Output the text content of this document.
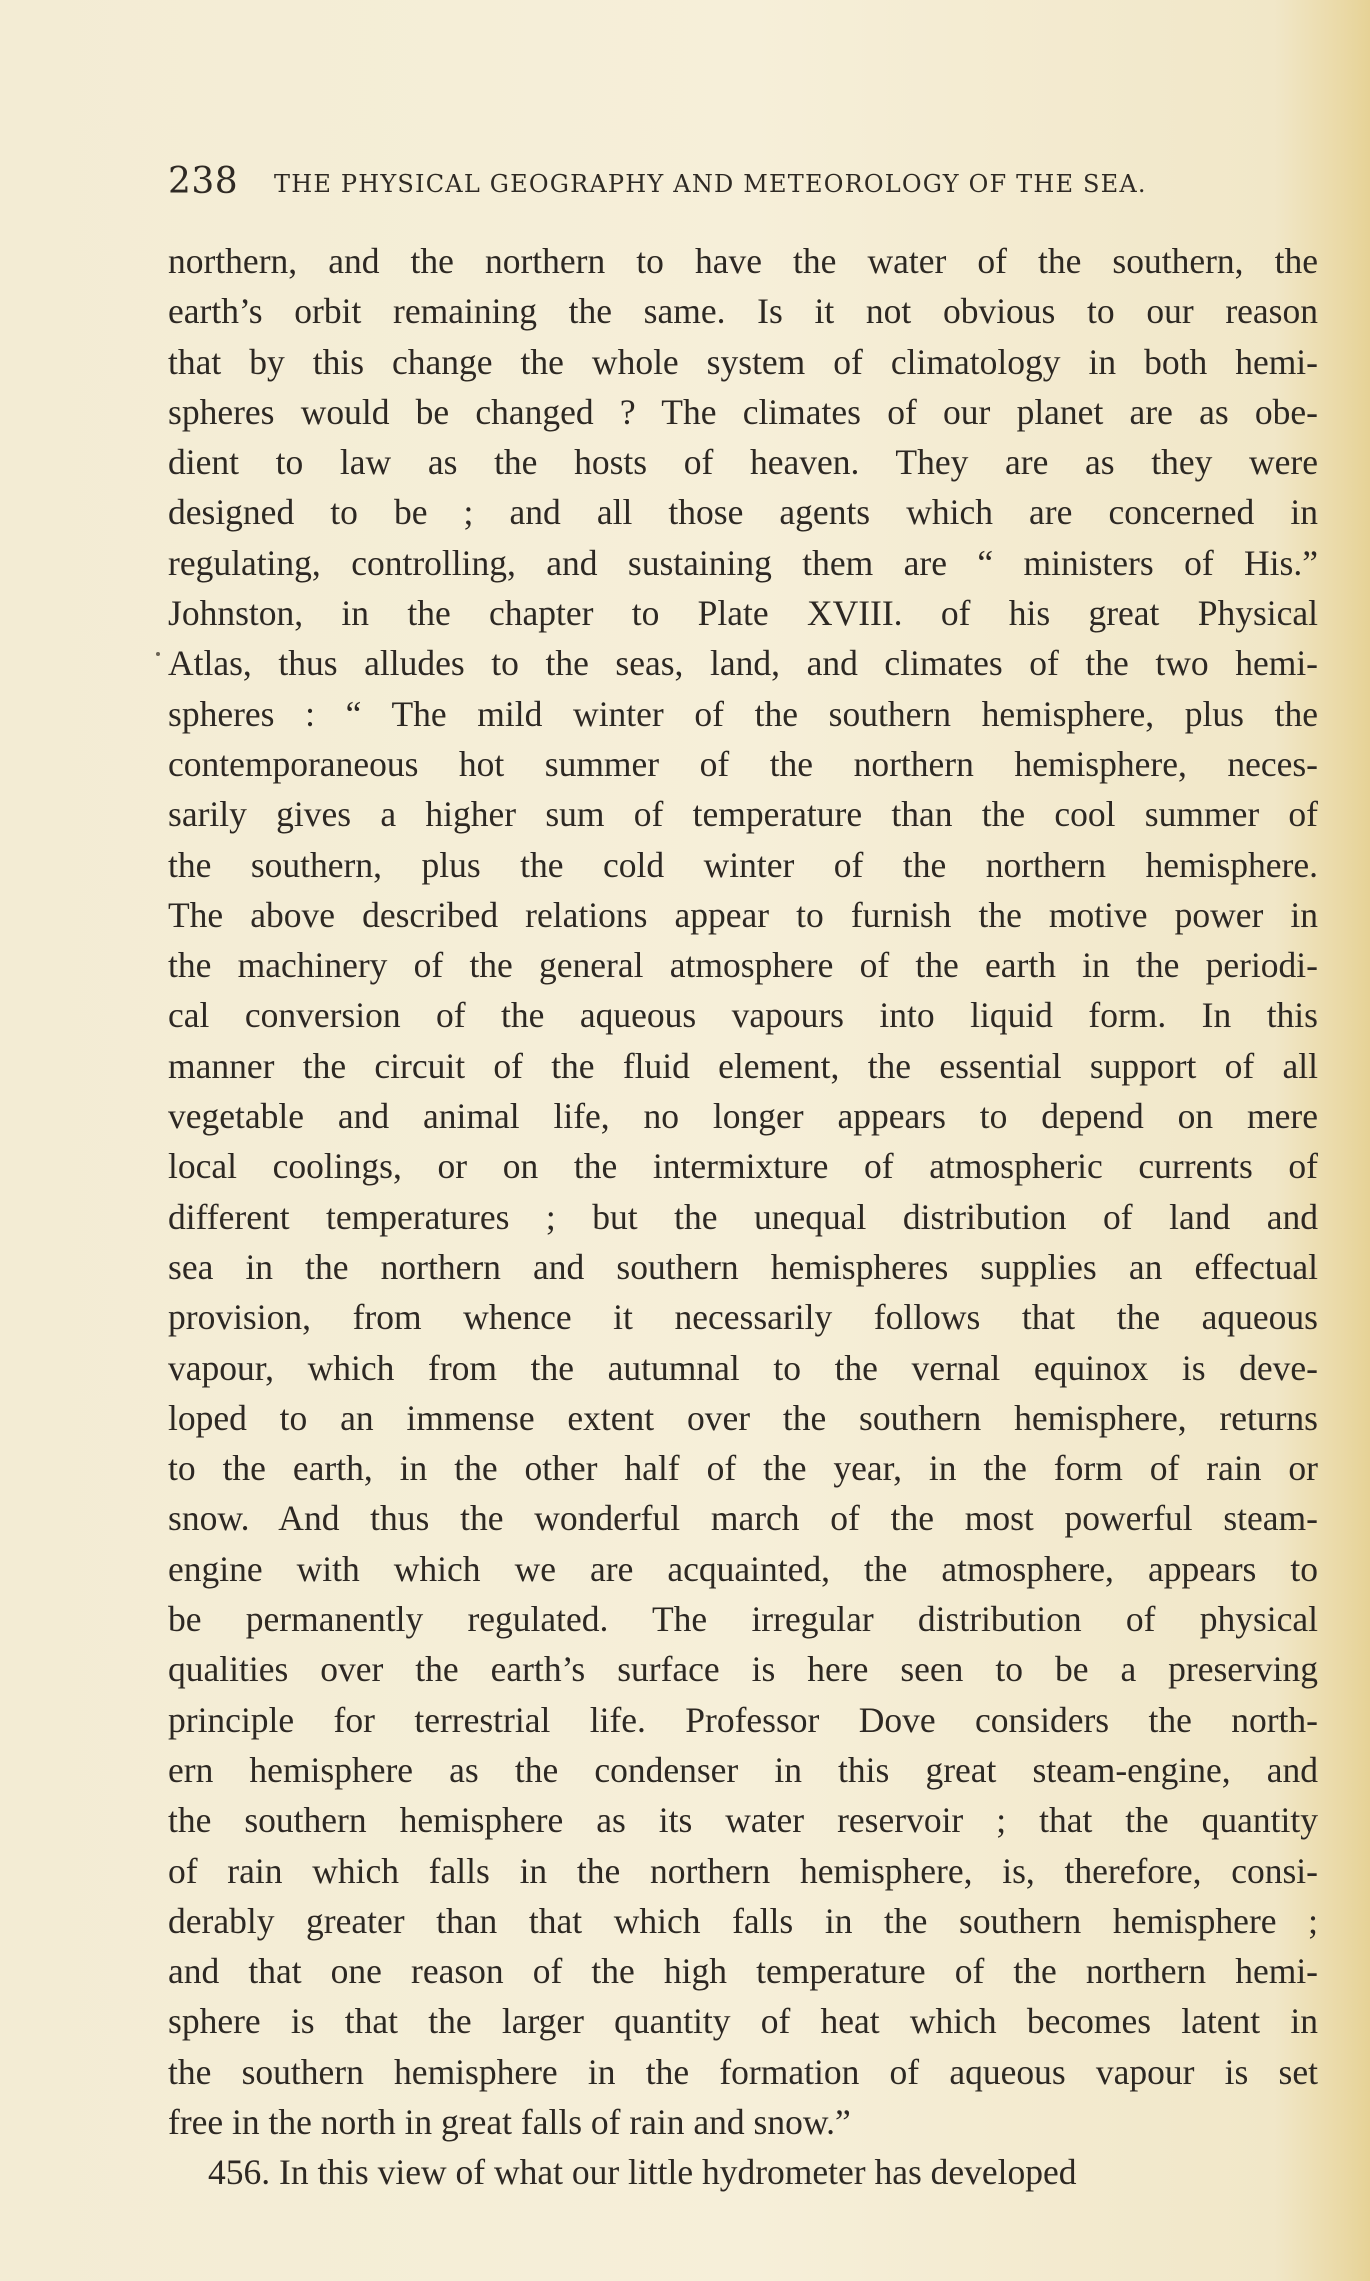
238 THE PHYSICAL GEOGRAPHY AND METEOROLOGY OF THE SEA.
northern, and the northern to have the water of the southern, the
earth’s orbit remaining the same. Is it not obvious to our reason
that by this change the whole system of climatology in both hemi-
spheres would be changed ? The climates of our planet are as obe-
dient to law as the hosts of heaven. They are as they were
designed to be ; and all those agents which are concerned in
regulating, controlling, and sustaining them are “ ministers of His.”
Johnston, in the chapter to Plate XVIII. of his great Physical
Atlas, thus alludes to the seas, land, and climates of the two hemi-
spheres : “ The mild winter of the southern hemisphere, plus the
contemporaneous hot summer of the northern hemisphere, neces-
sarily gives a higher sum of temperature than the cool summer of
the southern, plus the cold winter of the northern hemisphere.
The above described relations appear to furnish the motive power in
the machinery of the general atmosphere of the earth in the periodi-
cal conversion of the aqueous vapours into liquid form. In this
manner the circuit of the fluid element, the essential support of all
vegetable and animal life, no longer appears to depend on mere
local coolings, or on the intermixture of atmospheric currents of
different temperatures ; but the unequal distribution of land and
sea in the northern and southern hemispheres supplies an effectual
provision, from whence it necessarily follows that the aqueous
vapour, which from the autumnal to the vernal equinox is deve-
loped to an immense extent over the southern hemisphere, returns
to the earth, in the other half of the year, in the form of rain or
snow. And thus the wonderful march of the most powerful steam-
engine with which we are acquainted, the atmosphere, appears to
be permanently regulated. The irregular distribution of physical
qualities over the earth’s surface is here seen to be a preserving
principle for terrestrial life. Professor Dove considers the north-
ern hemisphere as the condenser in this great steam-engine, and
the southern hemisphere as its water reservoir ; that the quantity
of rain which falls in the northern hemisphere, is, therefore, consi-
derably greater than that which falls in the southern hemisphere ;
and that one reason of the high temperature of the northern hemi-
sphere is that the larger quantity of heat which becomes latent in
the southern hemisphere in the formation of aqueous vapour is set
free in the north in great falls of rain and snow.”
456. In this view of what our little hydrometer has developed
